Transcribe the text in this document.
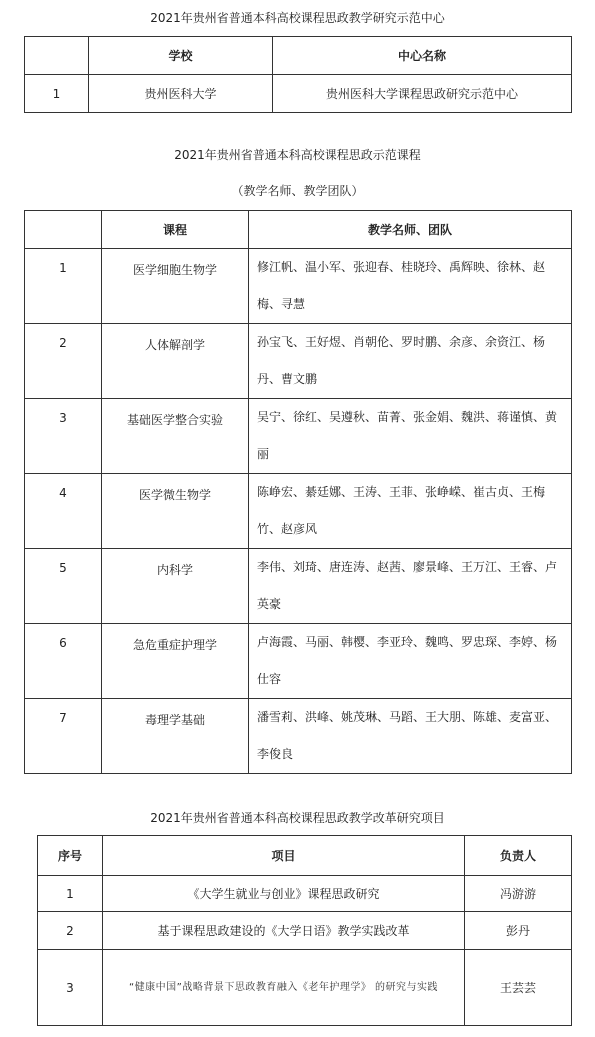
2021年贵州省普通本科高校课程思政教学研究示范中心
	学校	中心名称
1	贵州医科大学	贵州医科大学课程思政研究示范中心
2021年贵州省普通本科高校课程思政示范课程
（教学名师、教学团队）
	课程	教学名师、团队
1	医学细胞生物学	修江帆、温小军、张迎春、桂晓玲、禹辉映、徐林、赵梅、寻慧
2	人体解剖学	孙宝飞、王好煜、肖朝伦、罗时鹏、余彦、余资江、杨丹、曹文鹏
3	基础医学整合实验	吴宁、徐红、吴遵秋、苗菁、张金娟、魏洪、蒋谨慎、黄丽
4	医学微生物学	陈峥宏、綦廷娜、王涛、王菲、张峥嵘、崔古贞、王梅竹、赵彦风
5	内科学	李伟、刘琦、唐连涛、赵茜、廖景峰、王万江、王睿、卢英豪
6	急危重症护理学	卢海霞、马丽、韩樱、李亚玲、魏鸣、罗忠琛、李婷、杨仕容
7	毒理学基础	潘雪莉、洪峰、姚茂琳、马蹈、王大朋、陈雄、麦富亚、李俊良
2021年贵州省普通本科高校课程思政教学改革研究项目
序号	项目	负责人
1	《大学生就业与创业》课程思政研究	冯游游
2	基于课程思政建设的《大学日语》教学实践改革	彭丹
3	“健康中国”战略背景下思政教育融入《老年护理学》 的研究与实践	王芸芸
